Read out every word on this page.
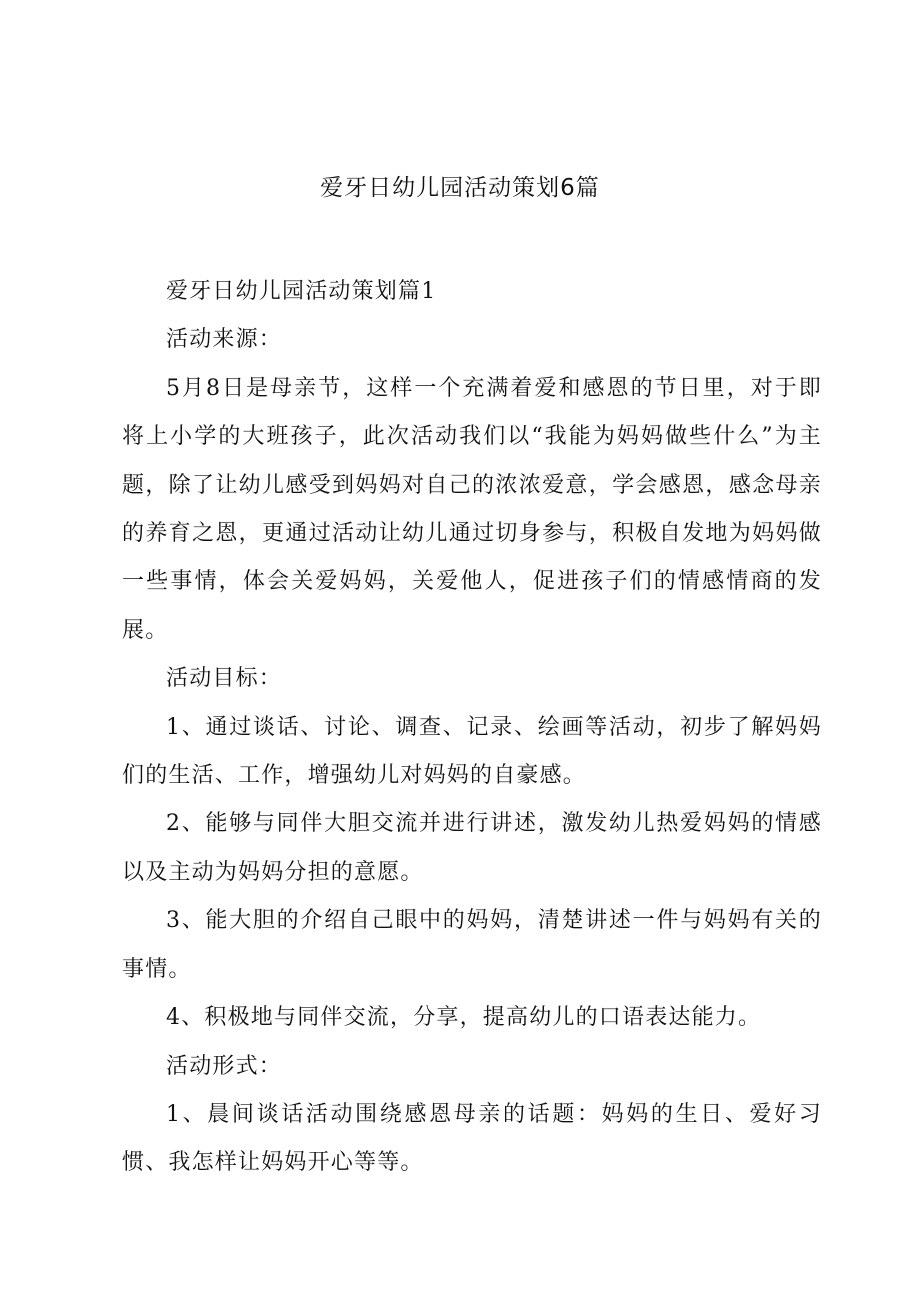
爱牙日幼儿园活动策划6篇

爱牙日幼儿园活动策划篇1

活动来源：

5月8日是母亲节，这样一个充满着爱和感恩的节日里，对于即将上小学的大班孩子，此次活动我们以“我能为妈妈做些什么”为主题，除了让幼儿感受到妈妈对自己的浓浓爱意，学会感恩，感念母亲的养育之恩，更通过活动让幼儿通过切身参与，积极自发地为妈妈做一些事情，体会关爱妈妈，关爱他人，促进孩子们的情感情商的发展。

活动目标：

1、通过谈话、讨论、调查、记录、绘画等活动，初步了解妈妈们的生活、工作，增强幼儿对妈妈的自豪感。

2、能够与同伴大胆交流并进行讲述，激发幼儿热爱妈妈的情感以及主动为妈妈分担的意愿。

3、能大胆的介绍自己眼中的妈妈，清楚讲述一件与妈妈有关的事情。

4、积极地与同伴交流，分享，提高幼儿的口语表达能力。

活动形式：

1、晨间谈话活动围绕感恩母亲的话题：妈妈的生日、爱好习惯、我怎样让妈妈开心等等。
